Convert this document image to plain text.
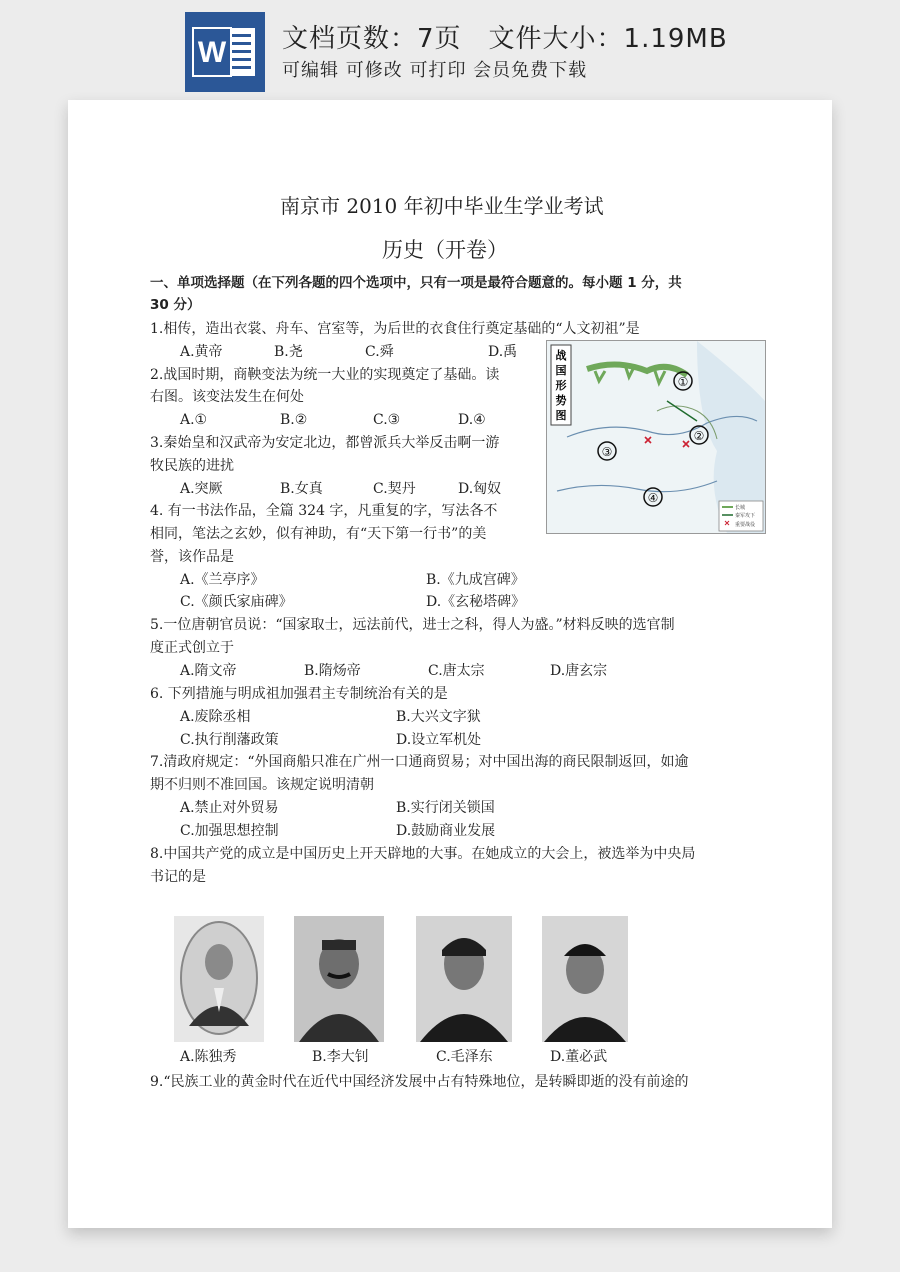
W 文档页数：7页　文件大小：1.19MB
可编辑 可修改 可打印 会员免费下载
南京市 2010 年初中毕业生学业考试
历史（开卷）
一、单项选择题（在下列各题的四个选项中，只有一项是最符合题意的。每小题 1 分，共
30 分）
1.相传，造出衣裳、舟车、宫室等，为后世的衣食住行奠定基础的“人文初祖”是
A.黄帝	B.尧	C.舜	D.禹
2.战国时期，商鞅变法为统一大业的实现奠定了基础。读
右图。该变法发生在何处
A.①	B.②	C.③	D.④
3.秦始皇和汉武帝为安定北边，都曾派兵大举反击啊一游
牧民族的进扰
A.突厥	B.女真	C.契丹	D.匈奴
4. 有一书法作品，全篇 324 字，凡重复的字，写法各不
相同，笔法之玄妙，似有神助，有“天下第一行书”的美
誉，该作品是
A.《兰亭序》	B.《九成宫碑》
C.《颜氏家庙碑》	D.《玄秘塔碑》
5.一位唐朝官员说：“国家取士，远法前代，进士之科，得人为盛。”材料反映的选官制
度正式创立于
A.隋文帝	B.隋炀帝	C.唐太宗	D.唐玄宗
6. 下列措施与明成祖加强君主专制统治有关的是
A.废除丞相	B.大兴文字狱
C.执行削藩政策	D.设立军机处
7.清政府规定：“外国商船只准在广州一口通商贸易；对中国出海的商民限制返回，如逾
期不归则不准回国。该规定说明清朝
A.禁止对外贸易	B.实行闭关锁国
C.加强思想控制	D.鼓励商业发展
8.中国共产党的成立是中国历史上开天辟地的大事。在她成立的大会上，被选举为中央局
书记的是
A.陈独秀	B.李大钊	C.毛泽东	D.董必武
9.“民族工业的黄金时代在近代中国经济发展中占有特殊地位，是转瞬即逝的没有前途的
①
②
③
④
战
国
形
势
图
长城
秦军攻下
重要战役
